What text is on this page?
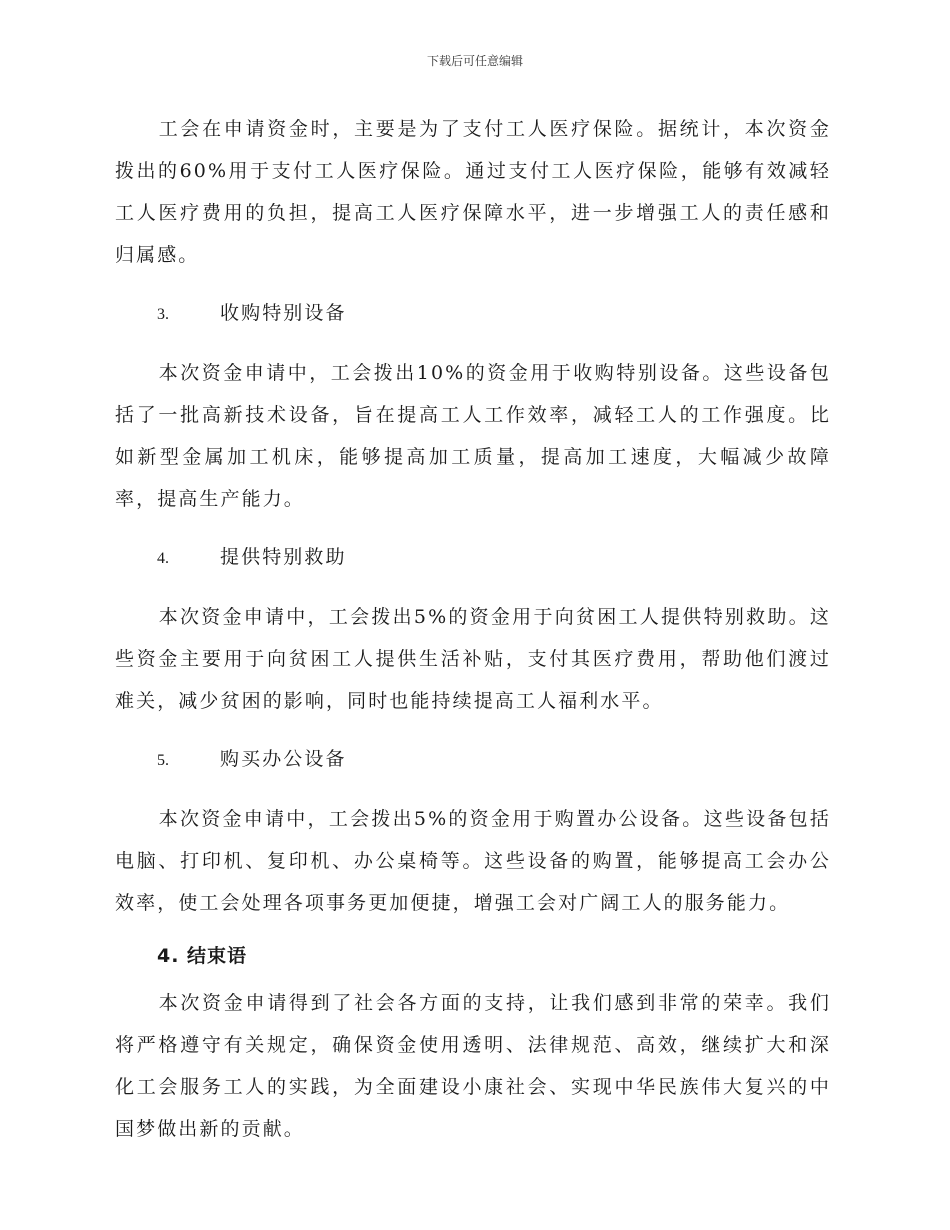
下载后可任意编辑

工会在申请资金时，主要是为了支付工人医疗保险。据统计，本次资金拨出的60%用于支付工人医疗保险。通过支付工人医疗保险，能够有效减轻工人医疗费用的负担，提高工人医疗保障水平，进一步增强工人的责任感和归属感。

3.	收购特别设备

本次资金申请中，工会拨出10%的资金用于收购特别设备。这些设备包括了一批高新技术设备，旨在提高工人工作效率，减轻工人的工作强度。比如新型金属加工机床，能够提高加工质量，提高加工速度，大幅减少故障率，提高生产能力。

4.	提供特别救助

本次资金申请中，工会拨出5%的资金用于向贫困工人提供特别救助。这些资金主要用于向贫困工人提供生活补贴，支付其医疗费用，帮助他们渡过难关，减少贫困的影响，同时也能持续提高工人福利水平。

5.	购买办公设备

本次资金申请中，工会拨出5%的资金用于购置办公设备。这些设备包括电脑、打印机、复印机、办公桌椅等。这些设备的购置，能够提高工会办公效率，使工会处理各项事务更加便捷，增强工会对广阔工人的服务能力。

4. 结束语

本次资金申请得到了社会各方面的支持，让我们感到非常的荣幸。我们将严格遵守有关规定，确保资金使用透明、法律规范、高效，继续扩大和深化工会服务工人的实践，为全面建设小康社会、实现中华民族伟大复兴的中国梦做出新的贡献。
